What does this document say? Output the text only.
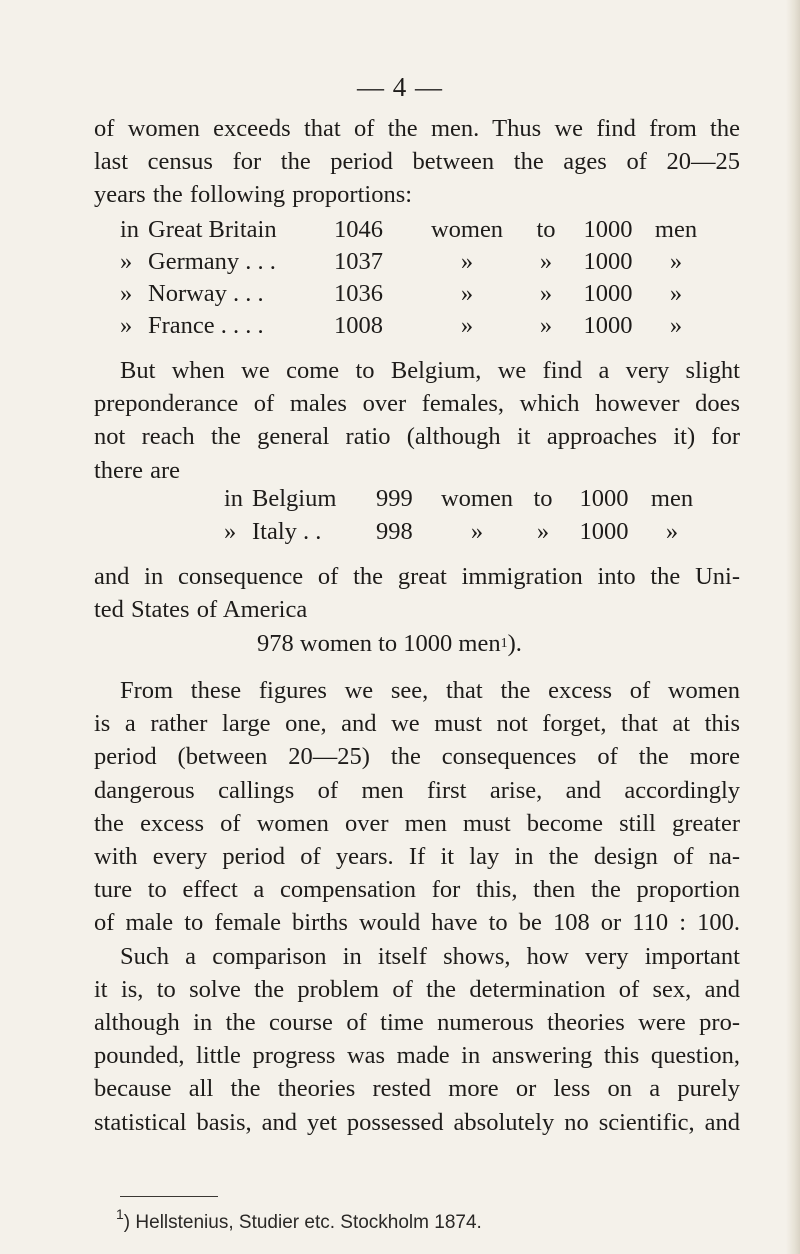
— 4 —
of women exceeds that of the men. Thus we find from the
last census for the period between the ages of 20—25
years the following proportions:
in Great Britain	1046	women	to	1000 men
» Germany . . .	1037	»	»	1000	»
» Norway . . .	1036	»	»	1000	»
» France . . . .	1008	»	»	1000	»
But when we come to Belgium, we find a very slight
preponderance of males over females, which however does
not reach the general ratio (although it approaches it) for
there are
in Belgium	999	women to	1000 men
» Italy . .	998	»	»	1000	»
and in consequence of the great immigration into the Uni-
ted States of America
978 women to 1000 men 1 ).
From these figures we see, that the excess of women
is a rather large one, and we must not forget, that at this
period (between 20—25) the consequences of the more
dangerous callings of men first arise, and accordingly
the excess of women over men must become still greater
with every period of years. If it lay in the design of na-
ture to effect a compensation for this, then the proportion
of male to female births would have to be 108 or 110 : 100.
Such a comparison in itself shows, how very important
it is, to solve the problem of the determination of sex, and
although in the course of time numerous theories were pro-
pounded, little progress was made in answering this question,
because all the theories rested more or less on a purely
statistical basis, and yet possessed absolutely no scientific, and
$^1$) Hellstenius, Studier etc. Stockholm 1874.
